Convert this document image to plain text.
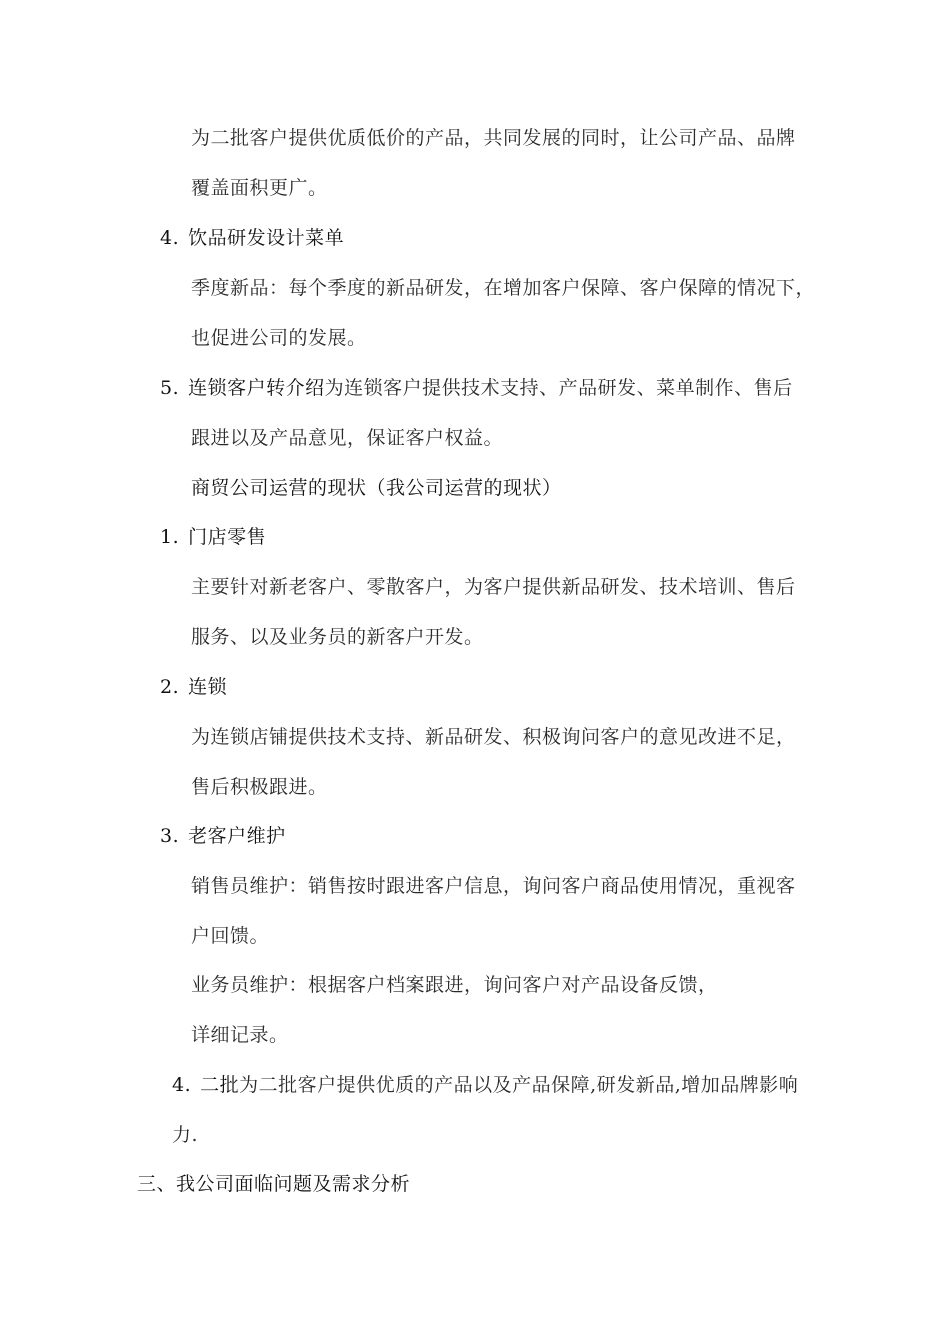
为二批客户提供优质低价的产品，共同发展的同时，让公司产品、品牌
覆盖面积更广。
4. 饮品研发设计菜单
季度新品：每个季度的新品研发，在增加客户保障、客户保障的情况下，
也促进公司的发展。
5. 连锁客户转介绍为连锁客户提供技术支持、产品研发、菜单制作、售后
跟进以及产品意见，保证客户权益。
商贸公司运营的现状（我公司运营的现状）
1. 门店零售
主要针对新老客户、零散客户，为客户提供新品研发、技术培训、售后
服务、以及业务员的新客户开发。
2. 连锁
为连锁店铺提供技术支持、新品研发、积极询问客户的意见改进不足，
售后积极跟进。
3. 老客户维护
销售员维护：销售按时跟进客户信息，询问客户商品使用情况，重视客
户回馈。
业务员维护：根据客户档案跟进，询问客户对产品设备反馈，
详细记录。
4. 二批为二批客户提供优质的产品以及产品保障,研发新品,增加品牌影响
力.
三、我公司面临问题及需求分析
